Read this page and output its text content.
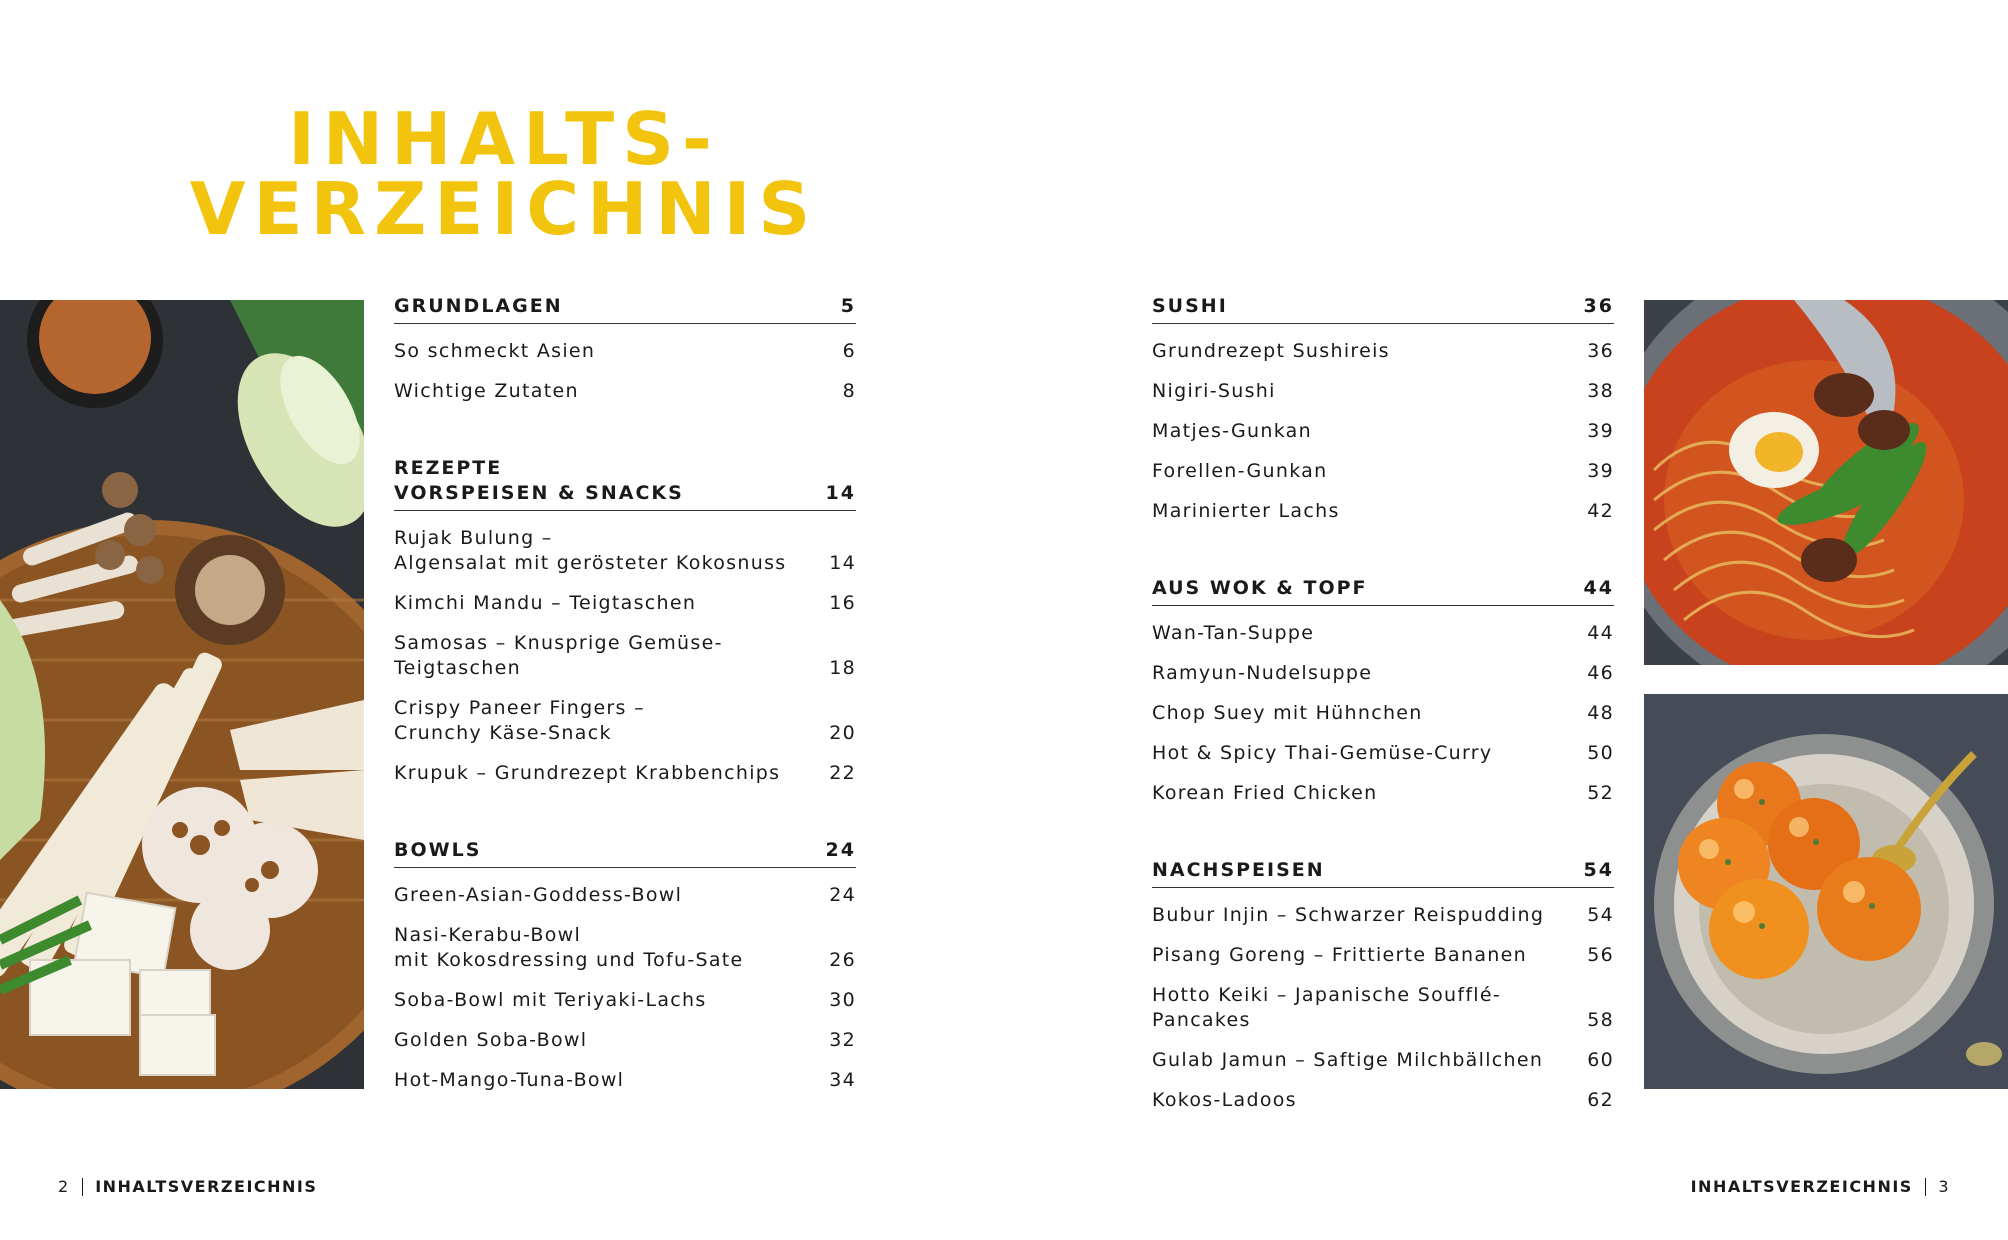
INHALTS-
VERZEICHNIS
GRUNDLAGEN	5
So schmeckt Asien	6
Wichtige Zutaten	8
REZEPTE
VORSPEISEN & SNACKS	14
Rujak Bulung –
Algensalat mit gerösteter Kokosnuss 14
Kimchi Mandu – Teigtaschen	16
Samosas – Knusprige Gemüse-Teigtaschen	18
Crispy Paneer Fingers –
Crunchy Käse-Snack	20
Krupuk – Grundrezept Krabbenchips	22
BOWLS	24
Green-Asian-Goddess-Bowl	24
Nasi-Kerabu-Bowl
mit Kokosdressing und Tofu-Sate	26
Soba-Bowl mit Teriyaki-Lachs	30
Golden Soba-Bowl	32
Hot-Mango-Tuna-Bowl	34
SUSHI	36
Grundrezept Sushireis	36
Nigiri-Sushi	38
Matjes-Gunkan	39
Forellen-Gunkan	39
Marinierter Lachs	42
AUS WOK & TOPF	44
Wan-Tan-Suppe	44
Ramyun-Nudelsuppe	46
Chop Suey mit Hühnchen	48
Hot & Spicy Thai-Gemüse-Curry	50
Korean Fried Chicken	52
NACHSPEISEN	54
Bubur Injin – Schwarzer Reispudding 54
Pisang Goreng – Frittierte Bananen	56
Hotto Keiki – Japanische Soufflé-Pancakes	58
Gulab Jamun – Saftige Milchbällchen 60
Kokos-Ladoos	62
2 INHALTSVERZEICHNIS	INHALTSVERZEICHNIS 3
